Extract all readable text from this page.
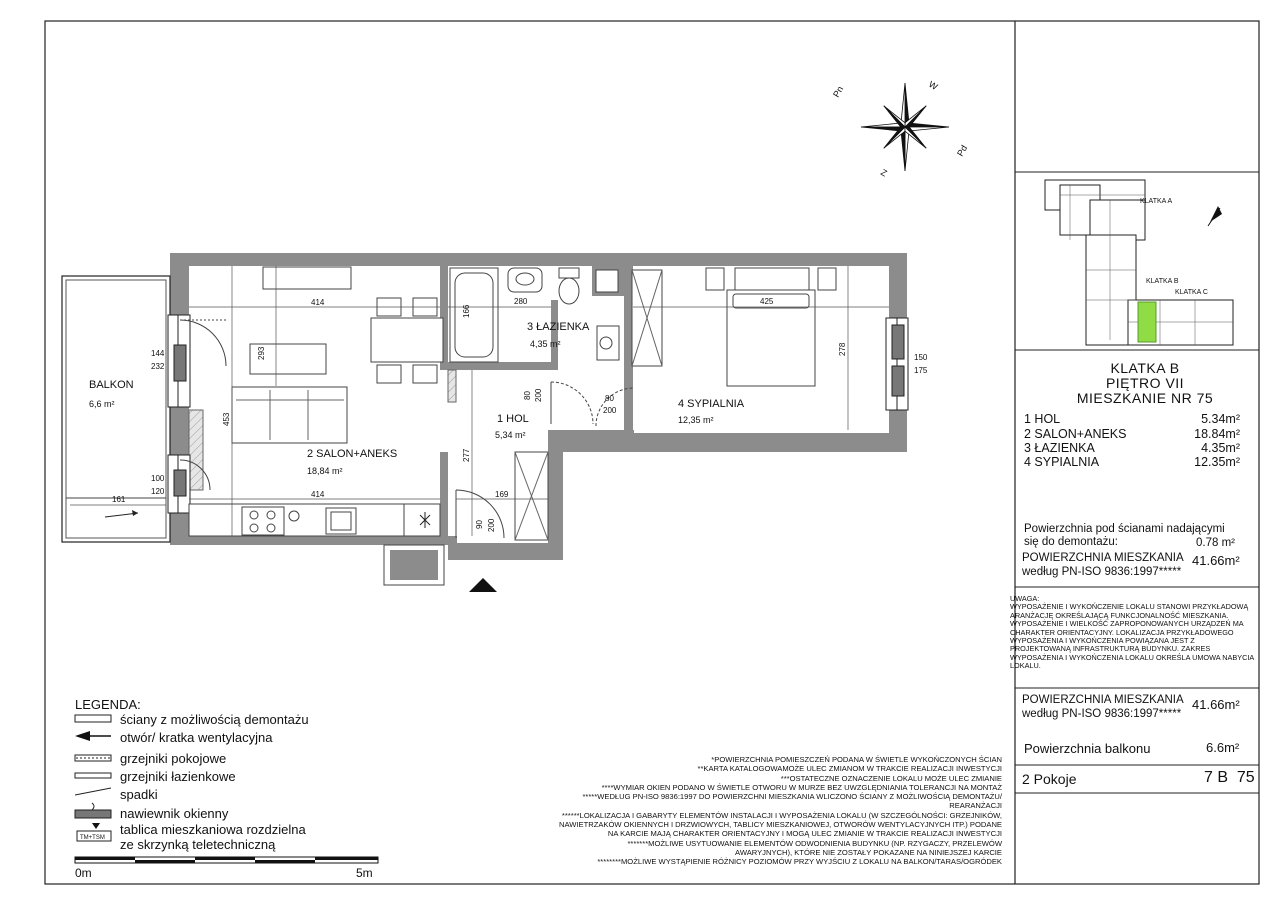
Pn	W
Pd
Z
BALKON
6,6 m²
2 SALON+ANEKS
18,84 m²
1 HOL
5,34 m²
3 ŁAZIENKA
4,35 m²
4 SYPIALNIA
12,35 m²
414
414
280	425
278
453
293
277
166
169
161
144
232
100
120
150
175
80 200	80
200
90 200
KLATKA A
KLATKA B
KLATKA C
TM+TSM
0m	5m
LEGENDA:
ściany z możliwością demontażu
otwór/ kratka wentylacyjna
grzejniki pokojowe
grzejniki łazienkowe
spadki
nawiewnik okienny
tablica mieszkaniowa rozdzielna
ze skrzynką teletechniczną
KLATKA B
PIĘTRO VII
MIESZKANIE NR 75
1 HOL	5.34m²
2 SALON+ANEKS	18.84m²
3 ŁAZIENKA	4.35m²
4 SYPIALNIA	12.35m²
Powierzchnia pod ścianami nadającymi
się do demontażu:	0.78 m²
POWIERZCHNIA MIESZKANIA
według PN-ISO 9836:1997*****
41.66m²
UWAGA:
WYPOSAŻENIE I WYKOŃCZENIE LOKALU STANOWI PRZYKŁADOWĄ ARANŻACJĘ OKREŚLAJĄCĄ FUNKCJONALNOŚĆ MIESZKANIA. WYPOSAŻENIE I WIELKOŚĆ ZAPROPONOWANYCH URZĄDZEŃ MA CHARAKTER ORIENTACYJNY. LOKALIZACJA PRZYKŁADOWEGO WYPOSAŻENIA I WYKOŃCZENIA POWIĄZANA JEST Z PROJEKTOWANĄ INFRASTRUKTURĄ BUDYNKU. ZAKRES WYPOSAŻENIA I WYKOŃCZENIA LOKALU OKREŚLA UMOWA NABYCIA LOKALU.
POWIERZCHNIA MIESZKANIA
według PN-ISO 9836:1997*****
41.66m²
Powierzchnia balkonu	6.6m²
2 Pokoje	7 B  75
*POWIERZCHNIA POMIESZCZEŃ PODANA W ŚWIETLE WYKOŃCZONYCH ŚCIAN
**KARTA KATALOGOWAMOŻE ULEC ZMIANOM W TRAKCIE REALIZACJI INWESTYCJI
***OSTATECZNE OZNACZENIE LOKALU MOŻE ULEC ZMIANIE
****WYMIAR OKIEN PODANO W ŚWIETLE OTWORU W MURZE BEZ UWZGLĘDNIANIA TOLERANCJI NA MONTAŻ
*****WEDŁUG PN-ISO 9836:1997 DO POWIERZCHNI MIESZKANIA WLICZONO ŚCIANY Z MOŻLIWOŚCIĄ DEMONTAŻU/
REARANŻACJI
******LOKALIZACJA I GABARYTY ELEMENTÓW INSTALACJI I WYPOSAŻENIA LOKALU (W SZCZEGÓLNOŚCI: GRZEJNIKÓW,
NAWIETRZAKÓW OKIENNYCH I DRZWIOWYCH, TABLICY MIESZKANIOWEJ, OTWORÓW WENTYLACYJNYCH ITP.) PODANE
NA KARCIE MAJĄ CHARAKTER ORIENTACYJNY I MOGĄ ULEC ZMIANIE W TRAKCIE REALIZACJI INWESTYCJI
*******MOŻLIWE USYTUOWANIE ELEMENTÓW ODWODNIENIA BUDYNKU (NP. RZYGACZY, PRZELEWÓW
AWARYJNYCH), KTÓRE NIE ZOSTAŁY POKAZANE NA NINIEJSZEJ KARCIE
********MOŻLIWE WYSTĄPIENIE RÓŻNICY POZIOMÓW PRZY WYJŚCIU Z LOKALU NA BALKON/TARAS/OGRÓDEK
